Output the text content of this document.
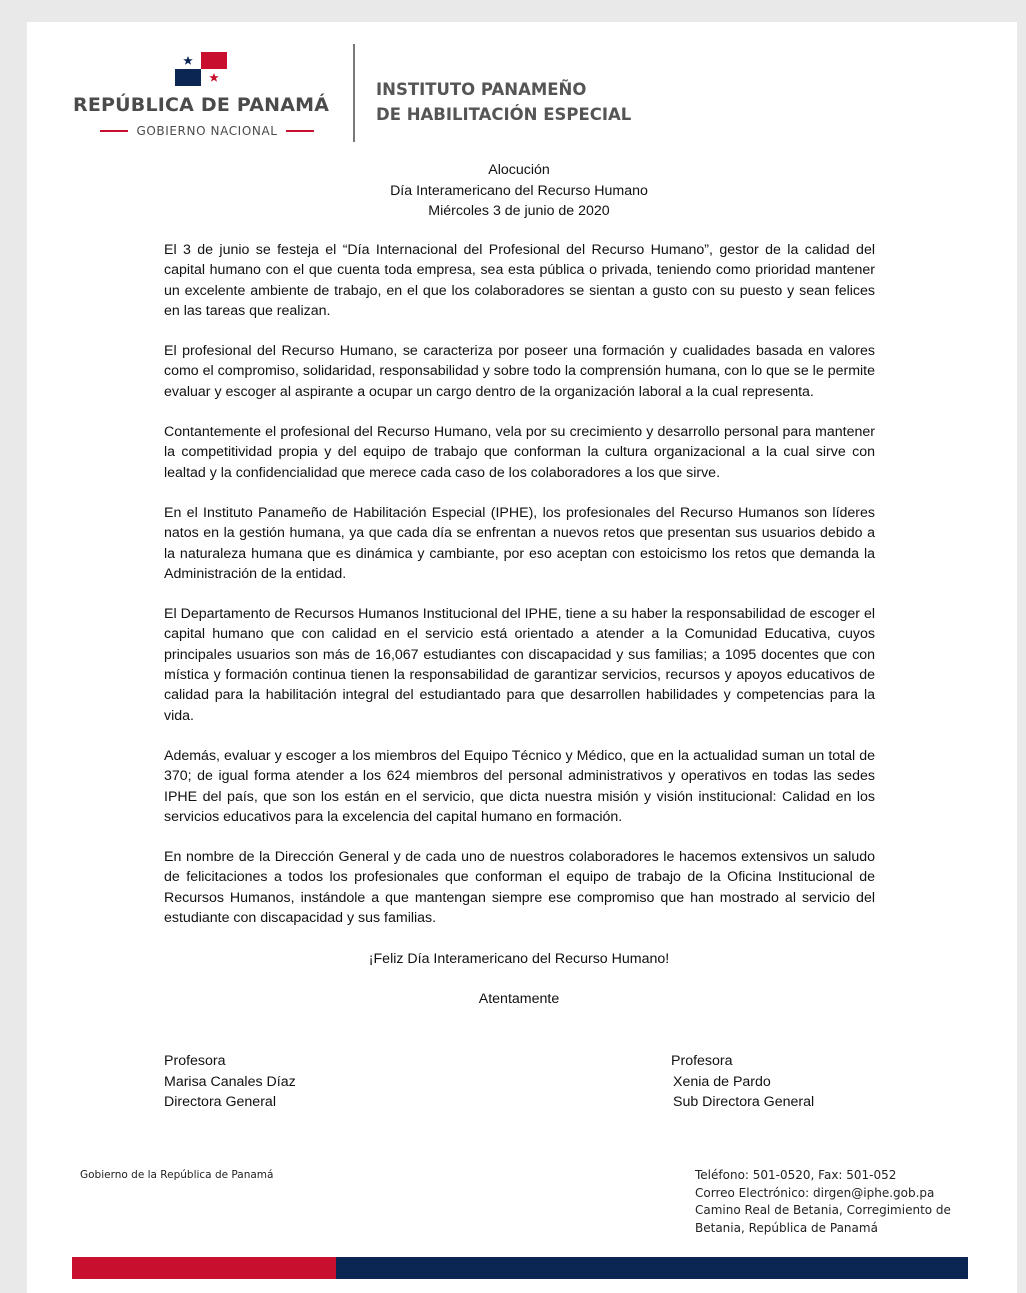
REPÚBLICA DE PANAMÁ
GOBIERNO NACIONAL
INSTITUTO PANAMEÑO
DE HABILITACIÓN ESPECIAL
Alocución
Día Interamericano del Recurso Humano
Miércoles 3 de junio de 2020

El 3 de junio se festeja el “Día Internacional del Profesional del Recurso Humano”, gestor de la calidad del capital humano con el que cuenta toda empresa, sea esta pública o privada, teniendo como prioridad mantener un excelente ambiente de trabajo, en el que los colaboradores se sientan a gusto con su puesto y sean felices en las tareas que realizan.

El profesional del Recurso Humano, se caracteriza por poseer una formación y cualidades basada en valores como el compromiso, solidaridad, responsabilidad y sobre todo la comprensión humana, con lo que se le permite evaluar y escoger al aspirante a ocupar un cargo dentro de la organización laboral a la cual representa.

Contantemente el profesional del Recurso Humano, vela por su crecimiento y desarrollo personal para mantener la competitividad propia y del equipo de trabajo que conforman la cultura organizacional a la cual sirve con lealtad y la confidencialidad que merece cada caso de los colaboradores a los que sirve.

En el Instituto Panameño de Habilitación Especial (IPHE), los profesionales del Recurso Humanos son líderes natos en la gestión humana, ya que cada día se enfrentan a nuevos retos que presentan sus usuarios debido a la naturaleza humana que es dinámica y cambiante, por eso aceptan con estoicismo los retos que demanda la Administración de la entidad.

El Departamento de Recursos Humanos Institucional del IPHE, tiene a su haber la responsabilidad de escoger el capital humano que con calidad en el servicio está orientado a atender a la Comunidad Educativa, cuyos principales usuarios son más de 16,067 estudiantes con discapacidad y sus familias; a 1095 docentes que con mística y formación continua tienen la responsabilidad de garantizar servicios, recursos y apoyos educativos de calidad para la habilitación integral del estudiantado para que desarrollen habilidades y competencias para la vida.

Además, evaluar y escoger a los miembros del Equipo Técnico y Médico, que en la actualidad suman un total de 370; de igual forma atender a los 624 miembros del personal administrativos y operativos en todas las sedes IPHE del país, que son los están en el servicio, que dicta nuestra misión y visión institucional: Calidad en los servicios educativos para la excelencia del capital humano en formación.

En nombre de la Dirección General y de cada uno de nuestros colaboradores le hacemos extensivos un saludo de felicitaciones a todos los profesionales que conforman el equipo de trabajo de la Oficina Institucional de Recursos Humanos, instándole a que mantengan siempre ese compromiso que han mostrado al servicio del estudiante con discapacidad y sus familias.

¡Feliz Día Interamericano del Recurso Humano!
Atentamente
Profesora
Marisa Canales Díaz
Directora General
Profesora
Xenia de Pardo
Sub Directora General
Gobierno de la República de Panamá	Teléfono: 501-0520, Fax: 501-052
Correo Electrónico: dirgen@iphe.gob.pa
Camino Real de Betania, Corregimiento de
Betania, República de Panamá
